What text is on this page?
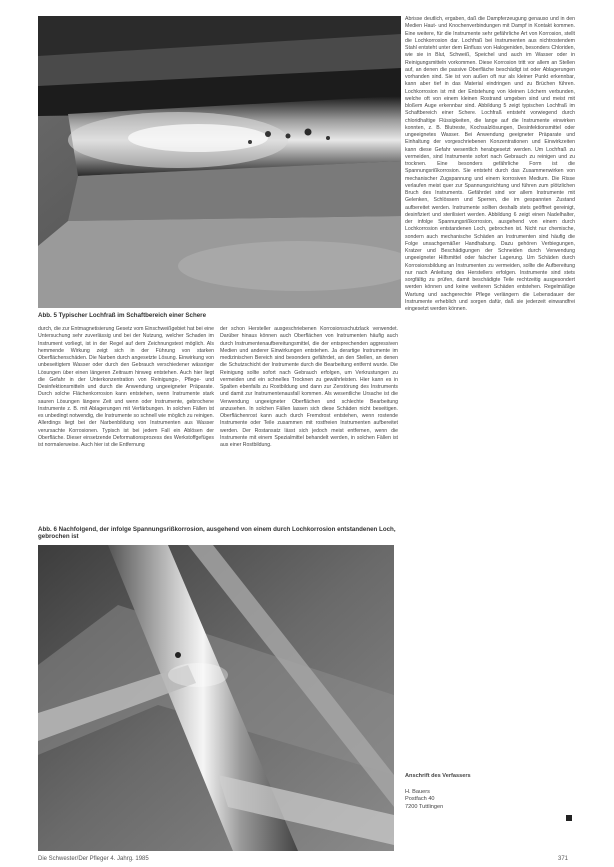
Abb. 5 Typischer Lochfraß im Schaftbereich einer Schere

durch, die zur Entmagnetisierung Gesetz vom Einschweißgebiet hat bei eine Untersuchung sehr zuverlässig und bei der Nutzung, welcher Schaden im Instrument vorliegt, ist in der Regel auf dem Zeichnungstext möglich. Als hemmende Wirkung zeigt sich in der Führung von starken Oberflächenschäden. Die Narben durch angesetzte Lösung. Einwirkung von unbeseitigtem Wasser oder durch den Gebrauch verschiedener wässriger Lösungen über einen längeren Zeitraum hinweg entstehen. Auch hier liegt die Gefahr in der Unterkonzentration von Reinigungs-, Pflege- und Desinfektionsmitteln und durch die Anwendung ungeeigneter Präparate. Durch solche Flächenkorrosion kann entstehen, wenn Instrumente stark sauren Lösungen längere Zeit und wenn oder Instrumente, gebrochene Instrumente z. B. mit Ablagerungen mit Verfärbungen. In solchen Fällen ist es unbedingt notwendig, die Instrumente so schnell wie möglich zu reinigen. Allerdings liegt bei der Narbenbildung von Instrumenten aus Wasser verursachte Korrosionen. Typisch ist bei jedem Fall ein Ablösen der Oberfläche. Dieser einsetzende Deformationsprozess des Werkstoffgefüges ist normalerweise. Auch hier ist die Entfernung

der schon Hersteller ausgeschriebenen Korrosionsschutzlack verwendet. Darüber hinaus können auch Oberflächen von Instrumenten häufig auch durch Instrumentenaufbereitungsmittel, die der entsprechenden aggressiven Medien und anderer Einwirkungen entstehen. Ja derartige Instrumente im medizinischen Bereich sind besonders gefährdet, an den Stellen, an denen die Schutzschicht der Instrumente durch die Bearbeitung entfernt wurde. Die Reinigung sollte sofort nach Gebrauch erfolgen, um Verkrustungen zu vermeiden und ein schnelles Trocknen zu gewährleisten. Hier kann es in Spalten ebenfalls zu Rostbildung und dann zur Zerstörung des Instruments und damit zur Instrumentenausfall kommen. Als wesentliche Ursache ist die Verwendung ungeeigneter Oberflächen und schlechte Bearbeitung anzusehen. In solchen Fällen lassen sich diese Schäden nicht beseitigen. Oberflächenrost kann auch durch Fremdrost entstehen, wenn rostende Instrumente oder Teile zusammen mit rostfreien Instrumenten aufbereitet werden. Der Rostansatz lässt sich jedoch meist entfernen, wenn die Instrumente mit einem Spezialmittel behandelt werden, in solchen Fällen ist aus einer Rostbildung.

Abb. 6 Nachfolgend, der infolge Spannungsrißkorrosion, ausgehend von einem durch Lochkorrosion entstandenen Loch, gebrochen ist

Abrisse deutlich, ergaben, daß die Dampferzeugung genauso und in den Medien Haut- und Knochenverbindungen mit Dampf in Kontakt kommen. Eine weitere, für die Instrumente sehr gefährliche Art von Korrosion, stellt die Lochkorrosion dar. Lochfraß bei Instrumenten aus nichtrostendem Stahl entsteht unter dem Einfluss von Halogeniden, besonders Chloriden, wie sie in Blut, Schweiß, Speichel und auch im Wasser oder in Reinigungsmitteln vorkommen. Diese Korrosion tritt vor allem an Stellen auf, an denen die passive Oberfläche beschädigt ist oder Ablagerungen vorhanden sind. Sie ist von außen oft nur als kleiner Punkt erkennbar, kann aber tief in das Material eindringen und zu Brüchen führen. Lochkorrosion ist mit der Entstehung von kleinen Löchern verbunden, welche oft von einem kleinen Rostrand umgeben sind und meist mit bloßem Auge erkennbar sind. Abbildung 5 zeigt typischen Lochfraß im Schaftbereich einer Schere. Lochfraß entsteht vorwiegend durch chloridhaltige Flüssigkeiten, die lange auf die Instrumente einwirken konnten, z. B. Blutreste, Kochsalzlösungen, Desinfektionsmittel oder ungeeignetes Wasser. Bei Anwendung geeigneter Präparate und Einhaltung der vorgeschriebenen Konzentrationen und Einwirkzeiten kann diese Gefahr wesentlich herabgesetzt werden. Um Lochfraß zu vermeiden, sind Instrumente sofort nach Gebrauch zu reinigen und zu trocknen. Eine besonders gefährliche Form ist die Spannungsrißkorrosion. Sie entsteht durch das Zusammenwirken von mechanischer Zugspannung und einem korrosiven Medium. Die Risse verlaufen meist quer zur Spannungsrichtung und führen zum plötzlichen Bruch des Instruments. Gefährdet sind vor allem Instrumente mit Gelenken, Schlössern und Sperren, die im gespannten Zustand aufbereitet werden. Instrumente sollten deshalb stets geöffnet gereinigt, desinfiziert und sterilisiert werden. Abbildung 6 zeigt einen Nadelhalter, der infolge Spannungsrißkorrosion, ausgehend von einem durch Lochkorrosion entstandenen Loch, gebrochen ist. Nicht nur chemische, sondern auch mechanische Schäden an Instrumenten sind häufig die Folge unsachgemäßer Handhabung. Dazu gehören Verbiegungen, Kratzer und Beschädigungen der Schneiden durch Verwendung ungeeigneter Hilfsmittel oder falscher Lagerung. Um Schäden durch Korrosionsbildung an Instrumenten zu vermeiden, sollte die Aufbereitung nur nach Anleitung des Herstellers erfolgen. Instrumente sind stets sorgfältig zu prüfen, damit beschädigte Teile rechtzeitig ausgesondert werden können und keine weiteren Schäden entstehen. Regelmäßige Wartung und sachgerechte Pflege verlängern die Lebensdauer der Instrumente erheblich und sorgen dafür, daß sie jederzeit einwandfrei eingesetzt werden können.

Anschrift des Verfassers
H. Bauers
Postfach 40
7200 Tuttlingen
Die Schwester/Der Pfleger 4. Jahrg. 1985	371
